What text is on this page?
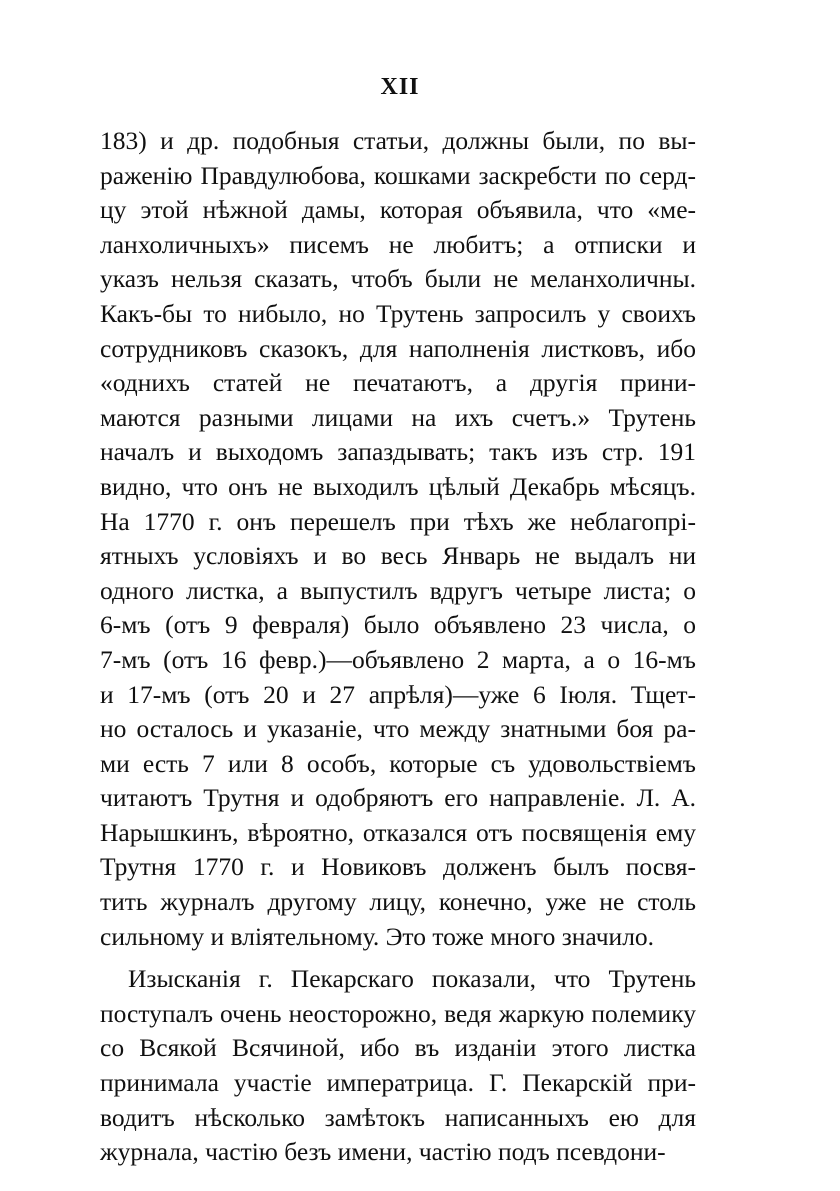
XII
183) и др. подобныя статьи, должны были, по вы-
раженію Правдулюбова, кошками заскребсти по серд-
цу этой нѣжной дамы, которая объявила, что «ме-
ланхоличныхъ» писемъ не любитъ; а отписки и
указъ нельзя сказать, чтобъ были не меланхоличны.
Какъ-бы то нибыло, но Трутень запросилъ у своихъ
сотрудниковъ сказокъ, для наполненія листковъ, ибо
«однихъ статей не печатаютъ, а другія прини-
маются разными лицами на ихъ счетъ.» Трутень
началъ и выходомъ запаздывать; такъ изъ стр. 191
видно, что онъ не выходилъ цѣлый Декабрь мѣсяцъ.
На 1770 г. онъ перешелъ при тѣхъ же неблагопрі-
ятныхъ условіяхъ и во весь Январь не выдалъ ни
одного листка, а выпустилъ вдругъ четыре листа; о
6-мъ (отъ 9 февраля) было объявлено 23 числа, о
7-мъ (отъ 16 февр.)—объявлено 2 марта, а о 16-мъ
и 17-мъ (отъ 20 и 27 апрѣля)—уже 6 Іюля. Тщет-
но осталось и указаніе, что между знатными боя ра-
ми есть 7 или 8 особъ, которые съ удовольствіемъ
читаютъ Трутня и одобряютъ его направленіе. Л. А.
Нарышкинъ, вѣроятно, отказался отъ посвященія ему
Трутня 1770 г. и Новиковъ долженъ былъ посвя-
тить журналъ другому лицу, конечно, уже не столь
сильному и вліятельному. Это тоже много значило.
Изысканія г. Пекарскаго показали, что Трутень
поступалъ очень неосторожно, ведя жаркую полемику
со Всякой Всячиной, ибо въ изданіи этого листка
принимала участіе императрица. Г. Пекарскій при-
водитъ нѣсколько замѣтокъ написанныхъ ею для
журнала, частію безъ имени, частію подъ псевдони-
